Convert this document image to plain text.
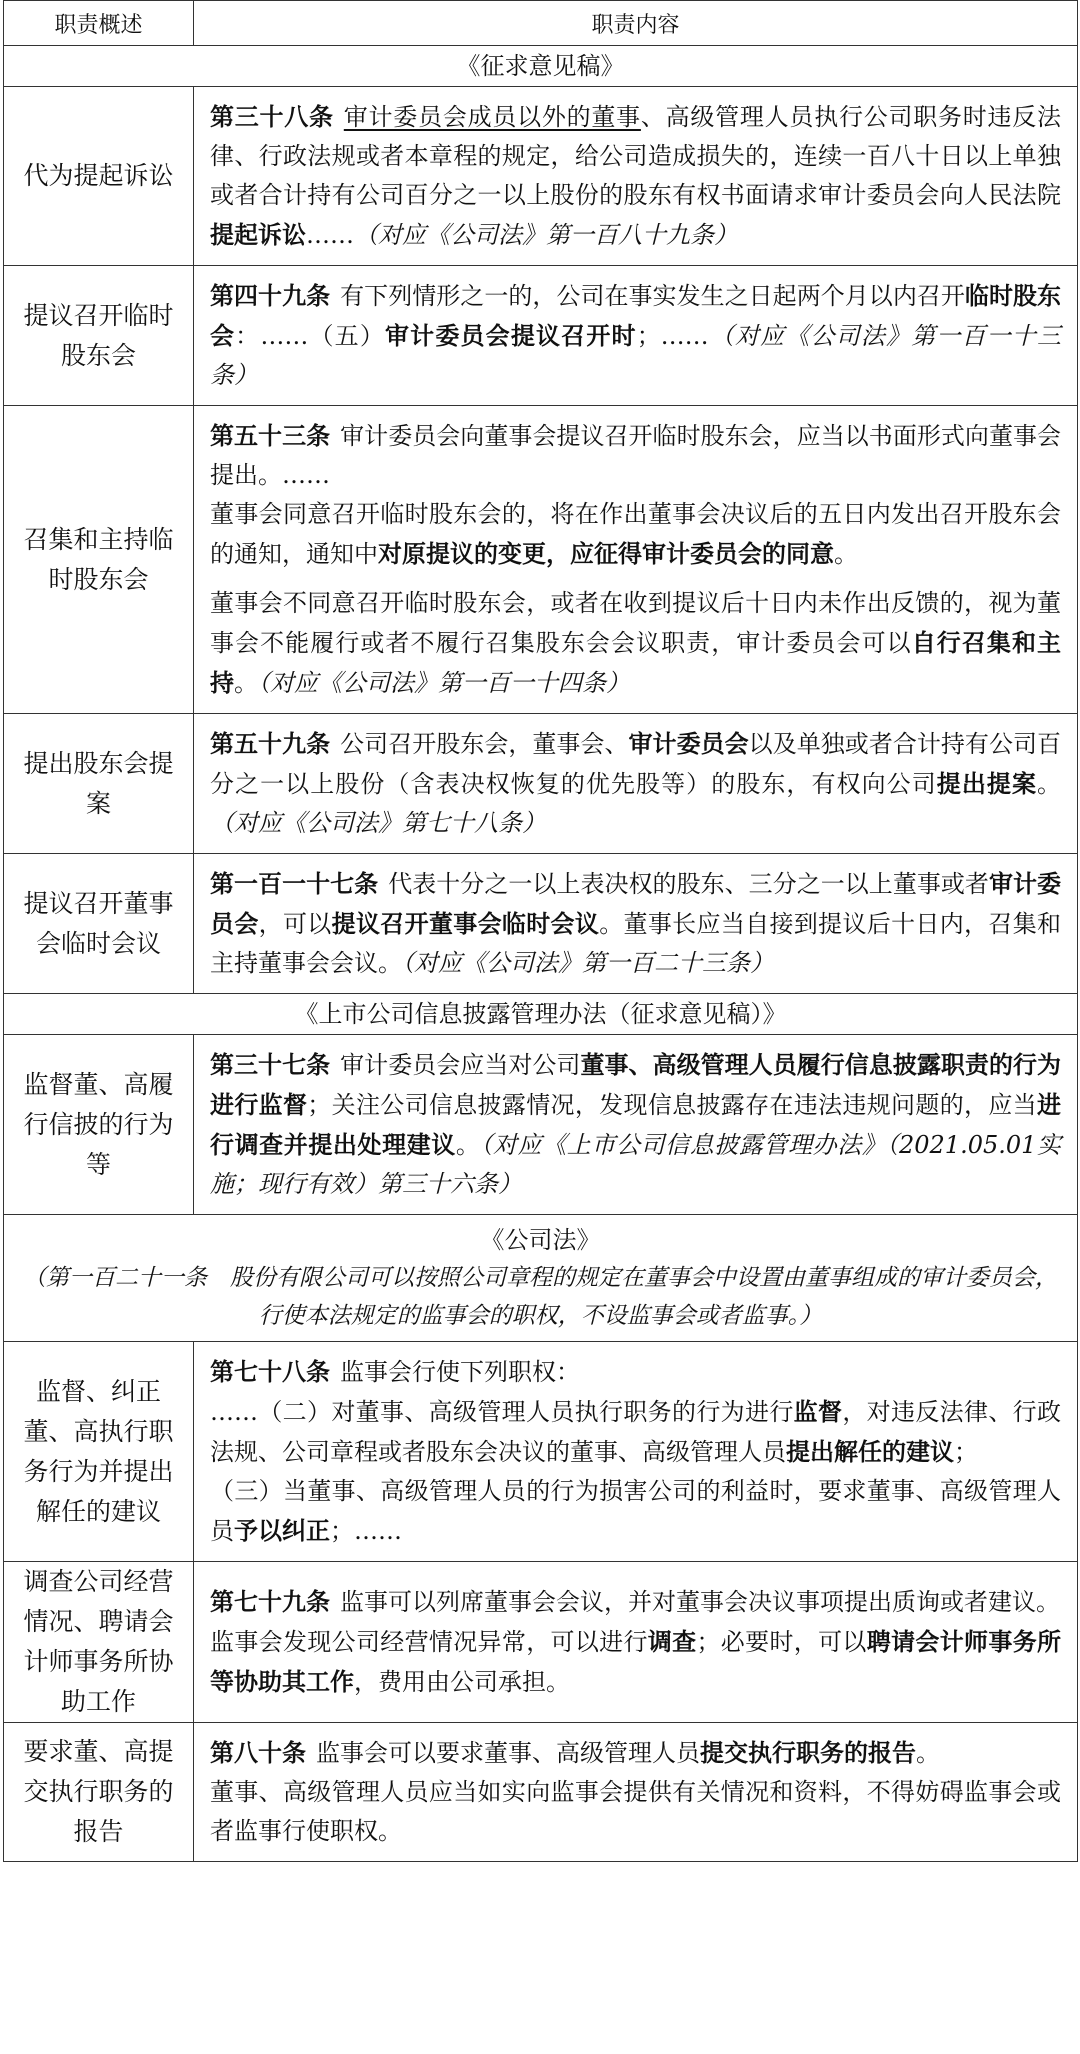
职责概述	职责内容
《征求意见稿》	
代为提起诉讼	第三十八条 审计委员会成员以外的董事、高级管理人员执行公司职务时违反法律、行政法规或者本章程的规定，给公司造成损失的，连续一百八十日以上单独或者合计持有公司百分之一以上股份的股东有权书面请求审计委员会向人民法院提起诉讼……（对应《公司法》第一百八十九条）

提议召开临时股东会	第四十九条 有下列情形之一的，公司在事实发生之日起两个月以内召开临时股东会：……（五）审计委员会提议召开时；……（对应《公司法》第一百一十三条）

召集和主持临时股东会	第五十三条 审计委员会向董事会提议召开临时股东会，应当以书面形式向董事会提出。……

董事会同意召开临时股东会的，将在作出董事会决议后的五日内发出召开股东会的通知，通知中对原提议的变更，应征得审计委员会的同意。

董事会不同意召开临时股东会，或者在收到提议后十日内未作出反馈的，视为董事会不能履行或者不履行召集股东会会议职责，审计委员会可以自行召集和主持。（对应《公司法》第一百一十四条）

提出股东会提案	第五十九条 公司召开股东会，董事会、审计委员会以及单独或者合计持有公司百分之一以上股份（含表决权恢复的优先股等）的股东，有权向公司提出提案。（对应《公司法》第七十八条）

提议召开董事会临时会议	第一百一十七条 代表十分之一以上表决权的股东、三分之一以上董事或者审计委员会，可以提议召开董事会临时会议。董事长应当自接到提议后十日内，召集和主持董事会会议。（对应《公司法》第一百二十三条）

《上市公司信息披露管理办法（征求意见稿）》	
监督董、高履行信披的行为等	第三十七条 审计委员会应当对公司董事、高级管理人员履行信息披露职责的行为进行监督；关注公司信息披露情况，发现信息披露存在违法违规问题的，应当进行调查并提出处理建议。（对应《上市公司信息披露管理办法》（2021.05.01实施；现行有效）第三十六条）

《公司法》
（第一百二十一条　股份有限公司可以按照公司章程的规定在董事会中设置由董事组成的审计委员会，行使本法规定的监事会的职权，不设监事会或者监事。）	

监督、纠正董、高执行职务行为并提出解任的建议	第七十八条 监事会行使下列职权：

……（二）对董事、高级管理人员执行职务的行为进行监督，对违反法律、行政法规、公司章程或者股东会决议的董事、高级管理人员提出解任的建议；

（三）当董事、高级管理人员的行为损害公司的利益时，要求董事、高级管理人员予以纠正；……

调查公司经营情况、聘请会计师事务所协助工作	第七十九条 监事可以列席董事会会议，并对董事会决议事项提出质询或者建议。

监事会发现公司经营情况异常，可以进行调查；必要时，可以聘请会计师事务所等协助其工作，费用由公司承担。

要求董、高提交执行职务的报告	第八十条 监事会可以要求董事、高级管理人员提交执行职务的报告。

董事、高级管理人员应当如实向监事会提供有关情况和资料，不得妨碍监事会或者监事行使职权。
